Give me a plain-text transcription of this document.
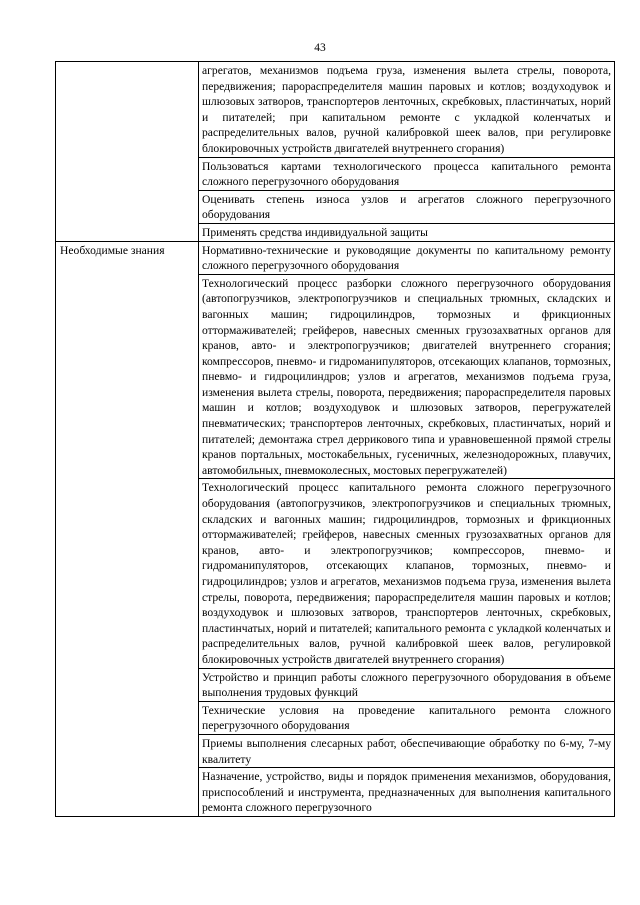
43
	агрегатов, механизмов подъема груза, изменения вылета стрелы, поворота, передвижения; парораспределителя машин паровых и котлов; воздуходувок и шлюзовых затворов, транспортеров ленточных, скребковых, пластинчатых, норий и питателей; при капитальном ремонте с укладкой коленчатых и распределительных валов, ручной калибровкой шеек валов, при регулировке блокировочных устройств двигателей внутреннего сгорания)
	Пользоваться картами технологического процесса капитального ремонта сложного перегрузочного оборудования
	Оценивать степень износа узлов и агрегатов сложного перегрузочного оборудования
	Применять средства индивидуальной защиты
Необходимые знания	Нормативно-технические и руководящие документы по капитальному ремонту сложного перегрузочного оборудования
	Технологический процесс разборки сложного перегрузочного оборудования (автопогрузчиков, электропогрузчиков и специальных трюмных, складских и вагонных машин; гидроцилиндров, тормозных и фрикционных оттормаживателей; грейферов, навесных сменных грузозахватных органов для кранов, авто- и электропогрузчиков; двигателей внутреннего сгорания; компрессоров, пневмо- и гидроманипуляторов, отсекающих клапанов, тормозных, пневмо- и гидроцилиндров; узлов и агрегатов, механизмов подъема груза, изменения вылета стрелы, поворота, передвижения; парораспределителя паровых машин и котлов; воздуходувок и шлюзовых затворов, перегружателей пневматических; транспортеров ленточных, скребковых, пластинчатых, норий и питателей; демонтажа стрел деррикового типа и уравновешенной прямой стрелы кранов портальных, мостокабельных, гусеничных, железнодорожных, плавучих, автомобильных, пневмоколесных, мостовых перегружателей)
	Технологический процесс капитального ремонта сложного перегрузочного оборудования (автопогрузчиков, электропогрузчиков и специальных трюмных, складских и вагонных машин; гидроцилиндров, тормозных и фрикционных оттормаживателей; грейферов, навесных сменных грузозахватных органов для кранов, авто- и электропогрузчиков; компрессоров, пневмо- и гидроманипуляторов, отсекающих клапанов, тормозных, пневмо- и гидроцилиндров; узлов и агрегатов, механизмов подъема груза, изменения вылета стрелы, поворота, передвижения; парораспределителя машин паровых и котлов; воздуходувок и шлюзовых затворов, транспортеров ленточных, скребковых, пластинчатых, норий и питателей; капитального ремонта с укладкой коленчатых и распределительных валов, ручной калибровкой шеек валов, регулировкой блокировочных устройств двигателей внутреннего сгорания)
	Устройство и принцип работы сложного перегрузочного оборудования в объеме выполнения трудовых функций
	Технические условия на проведение капитального ремонта сложного перегрузочного оборудования
	Приемы выполнения слесарных работ, обеспечивающие обработку по 6-му, 7-му квалитету
	Назначение, устройство, виды и порядок применения механизмов, оборудования, приспособлений и инструмента, предназначенных для выполнения капитального ремонта сложного перегрузочного
